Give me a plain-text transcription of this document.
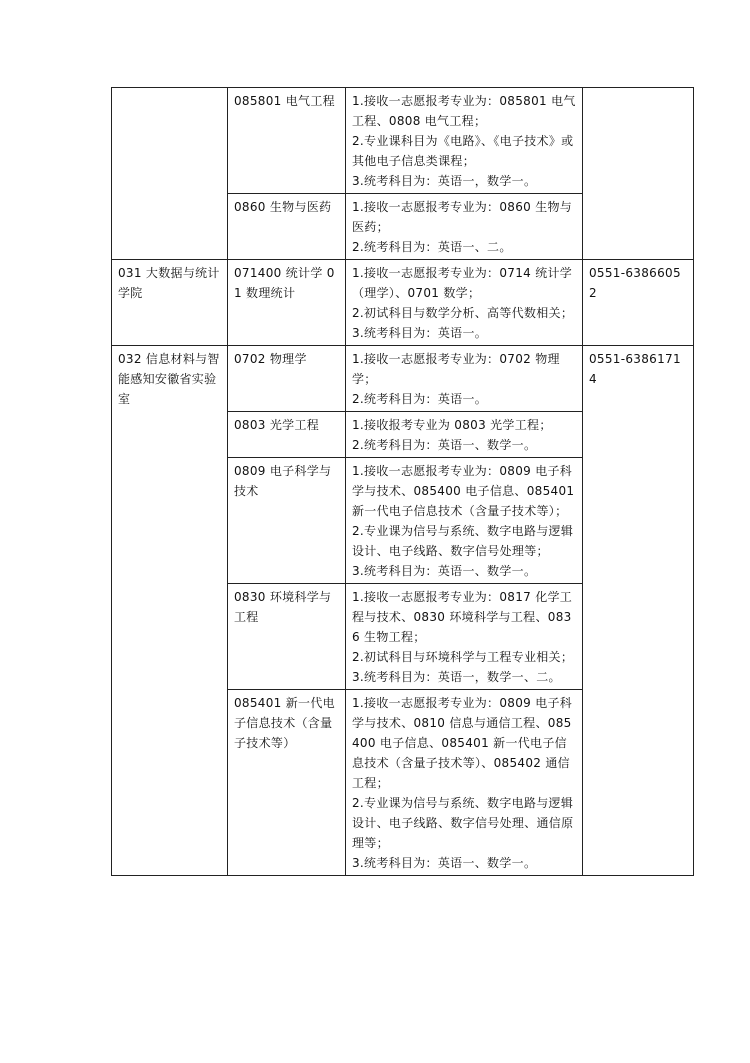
	085801 电气工程	1.接收一志愿报考专业为：085801 电气工程、0808 电气工程；
2.专业课科目为《电路》、《电子技术》或其他电子信息类课程；
3.统考科目为：英语一，数学一。	

	0860 生物与医药	1.接收一志愿报考专业为：0860 生物与医药；
2.统考科目为：英语一、二。	

031 大数据与统计学院	071400 统计学 01 数理统计	1.接收一志愿报考专业为：0714 统计学（理学）、0701 数学；
2.初试科目与数学分析、高等代数相关；
3.统考科目为：英语一。	0551-63866052
032 信息材料与智能感知安徽省实验室	0702 物理学	1.接收一志愿报考专业为：0702 物理学；
2.统考科目为：英语一。	0551-63861714
	0803 光学工程	1.接收报考专业为 0803 光学工程；
2.统考科目为：英语一、数学一。	

	0809 电子科学与技术	1.接收一志愿报考专业为：0809 电子科学与技术、085400 电子信息、085401 新一代电子信息技术（含量子技术等）；
2.专业课为信号与系统、数字电路与逻辑设计、电子线路、数字信号处理等；
3.统考科目为：英语一、数学一。	

	0830 环境科学与工程	1.接收一志愿报考专业为：0817 化学工程与技术、0830 环境科学与工程、0836 生物工程；
2.初试科目与环境科学与工程专业相关；
3.统考科目为：英语一，数学一、二。	

	085401 新一代电子信息技术（含量子技术等）	1.接收一志愿报考专业为：0809 电子科学与技术、0810 信息与通信工程、085400 电子信息、085401 新一代电子信息技术（含量子技术等）、085402 通信工程；
2.专业课为信号与系统、数字电路与逻辑设计、电子线路、数字信号处理、通信原理等；
3.统考科目为：英语一、数学一。	
